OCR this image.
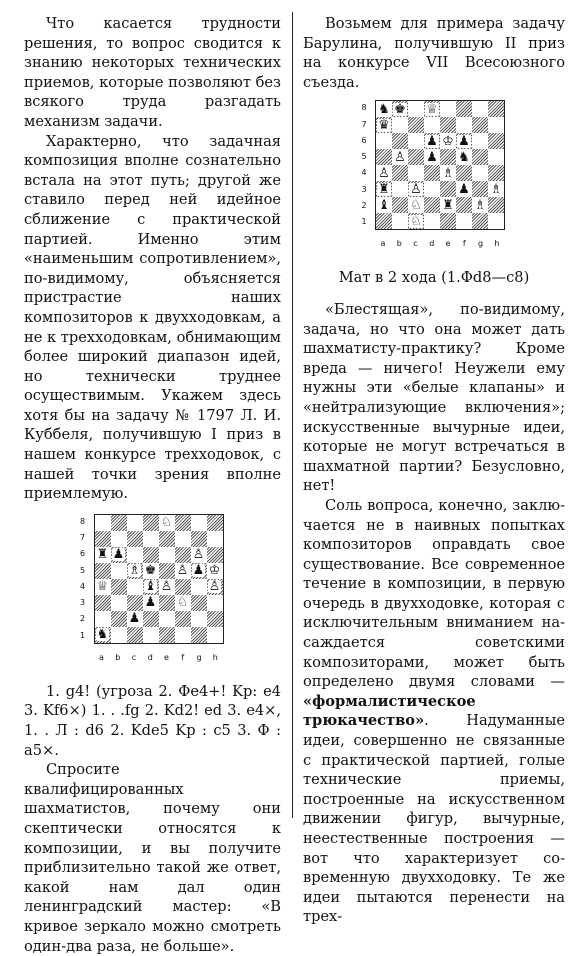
Что касается трудности решения, то вопрос сводится к знанию некоторых технических приемов, которые позволяют без всякого труда разгадать механизм задачи.

Характерно, что задачная композиция вполне сознательно встала на этот путь; другой же ставило перед ней идейное сближение с практической партией. Именно этим «наименьшим сопротивлением», по-видимому, объясняется пристрастие наших композиторов к двухходовкам, а не к трехходовкам, обнимающим более широкий диапазон идей, но технически труднее осуществимым. Укажем здесь хотя бы на задачу № 1797 Л. И. Куббеля, получившую I приз в нашем конкурсе трехходовок, с нашей точки зрения вполне приемлемую.

♘
♜ ♟	♙
♗ ♚ ♙ ♟ ♔
♕	♝ ♙	♙
♟ ♘
♟
♞
8
7
6
5
4
3
2
1
a	b	c	d	e	f	g	h

1. g4! (угроза 2. Фe4+! Kp: e4 3. Kf6×) 1. . .fg 2. Kd2! ed 3. e4×, 1. . Л : d6 2. Kde5 Kp : c5 3. Ф : a5×.

Спросите квалифицированных шахматистов, почему они скептически относятся к композиции, и вы получите приблизительно такой же ответ, какой нам дал один ленинградский мастер: «В кривое зеркало можно смотреть один-два раза, не больше».

Возьмем для примера задачу Барулина, получившую II приз на конкурсе VII Всесоюзного съезда.

♞ ♚ ♕
♛
♟ ♔ ♟
♙ ♟ ♞
♙	♗
♜ ♙	♟ ♗
♝ ♘ ♜ ♗
♘
8
7
6
5
4
3
2
1
a	b	c	d	e	f	g	h

Мат в 2 хода (1.Фd8—c8)

«Блестящая», по-видимому, задача, но что она может дать шахматисту-практику? Кроме вреда — ничего! Неужели ему нужны эти «белые клапаны» и «нейтрализующие включения»; искусственные вычурные идеи, которые не могут встречаться в шахматной партии? Безусловно, нет!

Соль вопроса, конечно, заключается не в наивных попытках композиторов оправдать свое существование. Все современное течение в композиции, в первую очередь в двухходовке, которая с исключительным вниманием насаждается советскими композиторами, может быть определено двумя словами — «формалистическое трюкачество». Надуманные идеи, совершенно не связанные с практической партией, голые технические приемы, построенные на искусственном движении фигур, вычурные, неестественные построения — вот что характеризует современную двухходовку. Те же идеи пытаются перенести на трех-
